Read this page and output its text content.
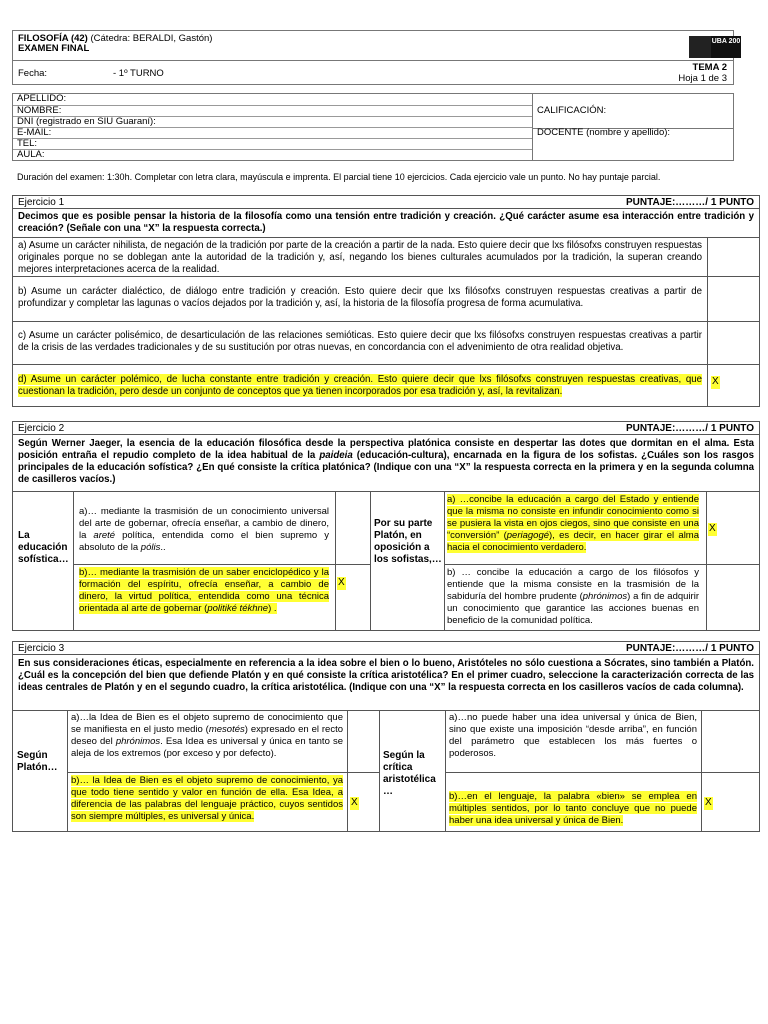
FILOSOFÍA (42) (Cátedra: BERALDI, Gastón)
EXAMEN FINAL
UBA 200
Fecha:	- 1º TURNO
TEMA 2
Hoja 1 de 3
APELLIDO:
NOMBRE:
DNI (registrado en SIU Guaraní):
E-MAIL:
TEL:
AULA:
CALIFICACIÓN:
DOCENTE (nombre y apellido):
Duración del examen: 1:30h. Completar con letra clara, mayúscula e imprenta. El parcial tiene 10 ejercicios. Cada ejercicio vale un punto. No hay puntaje parcial.
Ejercicio 1	PUNTAJE:………/ 1 PUNTO
Decimos que es posible pensar la historia de la filosofía como una tensión entre tradición y creación. ¿Qué carácter asume esa interacción entre tradición y creación? (Señale con una “X” la respuesta correcta.)
a) Asume un carácter nihilista, de negación de la tradición por parte de la creación a partir de la nada. Esto quiere decir que lxs filósofxs construyen respuestas originales porque no se doblegan ante la autoridad de la tradición y, así, negando los bienes culturales acumulados por la tradición, la superan creando mejores interpretaciones acerca de la realidad.
b) Asume un carácter dialéctico, de diálogo entre tradición y creación. Esto quiere decir que lxs filósofxs construyen respuestas creativas a partir de profundizar y completar las lagunas o vacíos dejados por la tradición y, así, la historia de la filosofía progresa de forma acumulativa.
c) Asume un carácter polisémico, de desarticulación de las relaciones semióticas. Esto quiere decir que lxs filósofxs construyen respuestas creativas a partir de la crisis de las verdades tradicionales y de su sustitución por otras nuevas, en concordancia con el advenimiento de otra realidad objetiva.
d) Asume un carácter polémico, de lucha constante entre tradición y creación. Esto quiere decir que lxs filósofxs construyen respuestas creativas, que cuestionan la tradición, pero desde un conjunto de conceptos que ya tienen incorporados por esa tradición y, así, la revitalizan.
X
Ejercicio 2	PUNTAJE:………/ 1 PUNTO
Según Werner Jaeger, la esencia de la educación filosófica desde la perspectiva platónica consiste en despertar las dotes que dormitan en el alma. Esta posición entraña el repudio completo de la idea habitual de la paideia (educación-cultura), encarnada en la figura de los sofistas. ¿Cuáles son los rasgos principales de la educación sofística? ¿En qué consiste la crítica platónica? (Indique con una “X” la respuesta correcta en la primera y en la segunda columna de casilleros vacíos.)
La educación sofística…
Por su parte Platón, en oposición a los sofistas,…
a)… mediante la trasmisión de un conocimiento universal del arte de gobernar, ofrecía enseñar, a cambio de dinero, la areté política, entendida como el bien supremo y absoluto de la pólis..
b)… mediante la trasmisión de un saber enciclopédico y la formación del espíritu, ofrecía enseñar, a cambio de dinero, la virtud política, entendida como una técnica orientada al arte de gobernar (politiké tékhne) .
X
a) …concibe la educación a cargo del Estado y entiende que la misma no consiste en infundir conocimiento como si se pusiera la vista en ojos ciegos, sino que consiste en una “conversión” (periagogé), es decir, en hacer girar el alma hacia el conocimiento verdadero.
X
b) … concibe la educación a cargo de los filósofos y entiende que la misma consiste en la trasmisión de la sabiduría del hombre prudente (phrónimos) a fin de adquirir un conocimiento que garantice las acciones buenas en beneficio de la comunidad política.
Ejercicio 3	PUNTAJE:………/ 1 PUNTO
En sus consideraciones éticas, especialmente en referencia a la idea sobre el bien o lo bueno, Aristóteles no sólo cuestiona a Sócrates, sino también a Platón. ¿Cuál es la concepción del bien que defiende Platón y en qué consiste la crítica aristotélica? En el primer cuadro, seleccione la caracterización correcta de las ideas centrales de Platón y en el segundo cuadro, la crítica aristotélica. (Indique con una “X” la respuesta correcta en los casilleros vacíos de cada columna).
Según Platón…
Según la crítica aristotélica …
a)…la Idea de Bien es el objeto supremo de conocimiento que se manifiesta en el justo medio (mesotés) expresado en el recto deseo del phrónimos. Esa Idea es universal y única en tanto se aleja de los extremos (por exceso y por defecto).
b)… la Idea de Bien es el objeto supremo de conocimiento, ya que todo tiene sentido y valor en función de ella. Esa Idea, a diferencia de las palabras del lenguaje práctico, cuyos sentidos son siempre múltiples, es universal y única.
X
a)…no puede haber una idea universal y única de Bien, sino que existe una imposición “desde arriba”, en función del parámetro que establecen los más fuertes o poderosos.
b)…en el lenguaje, la palabra «bien» se emplea en múltiples sentidos, por lo tanto concluye que no puede haber una idea universal y única de Bien.
X
